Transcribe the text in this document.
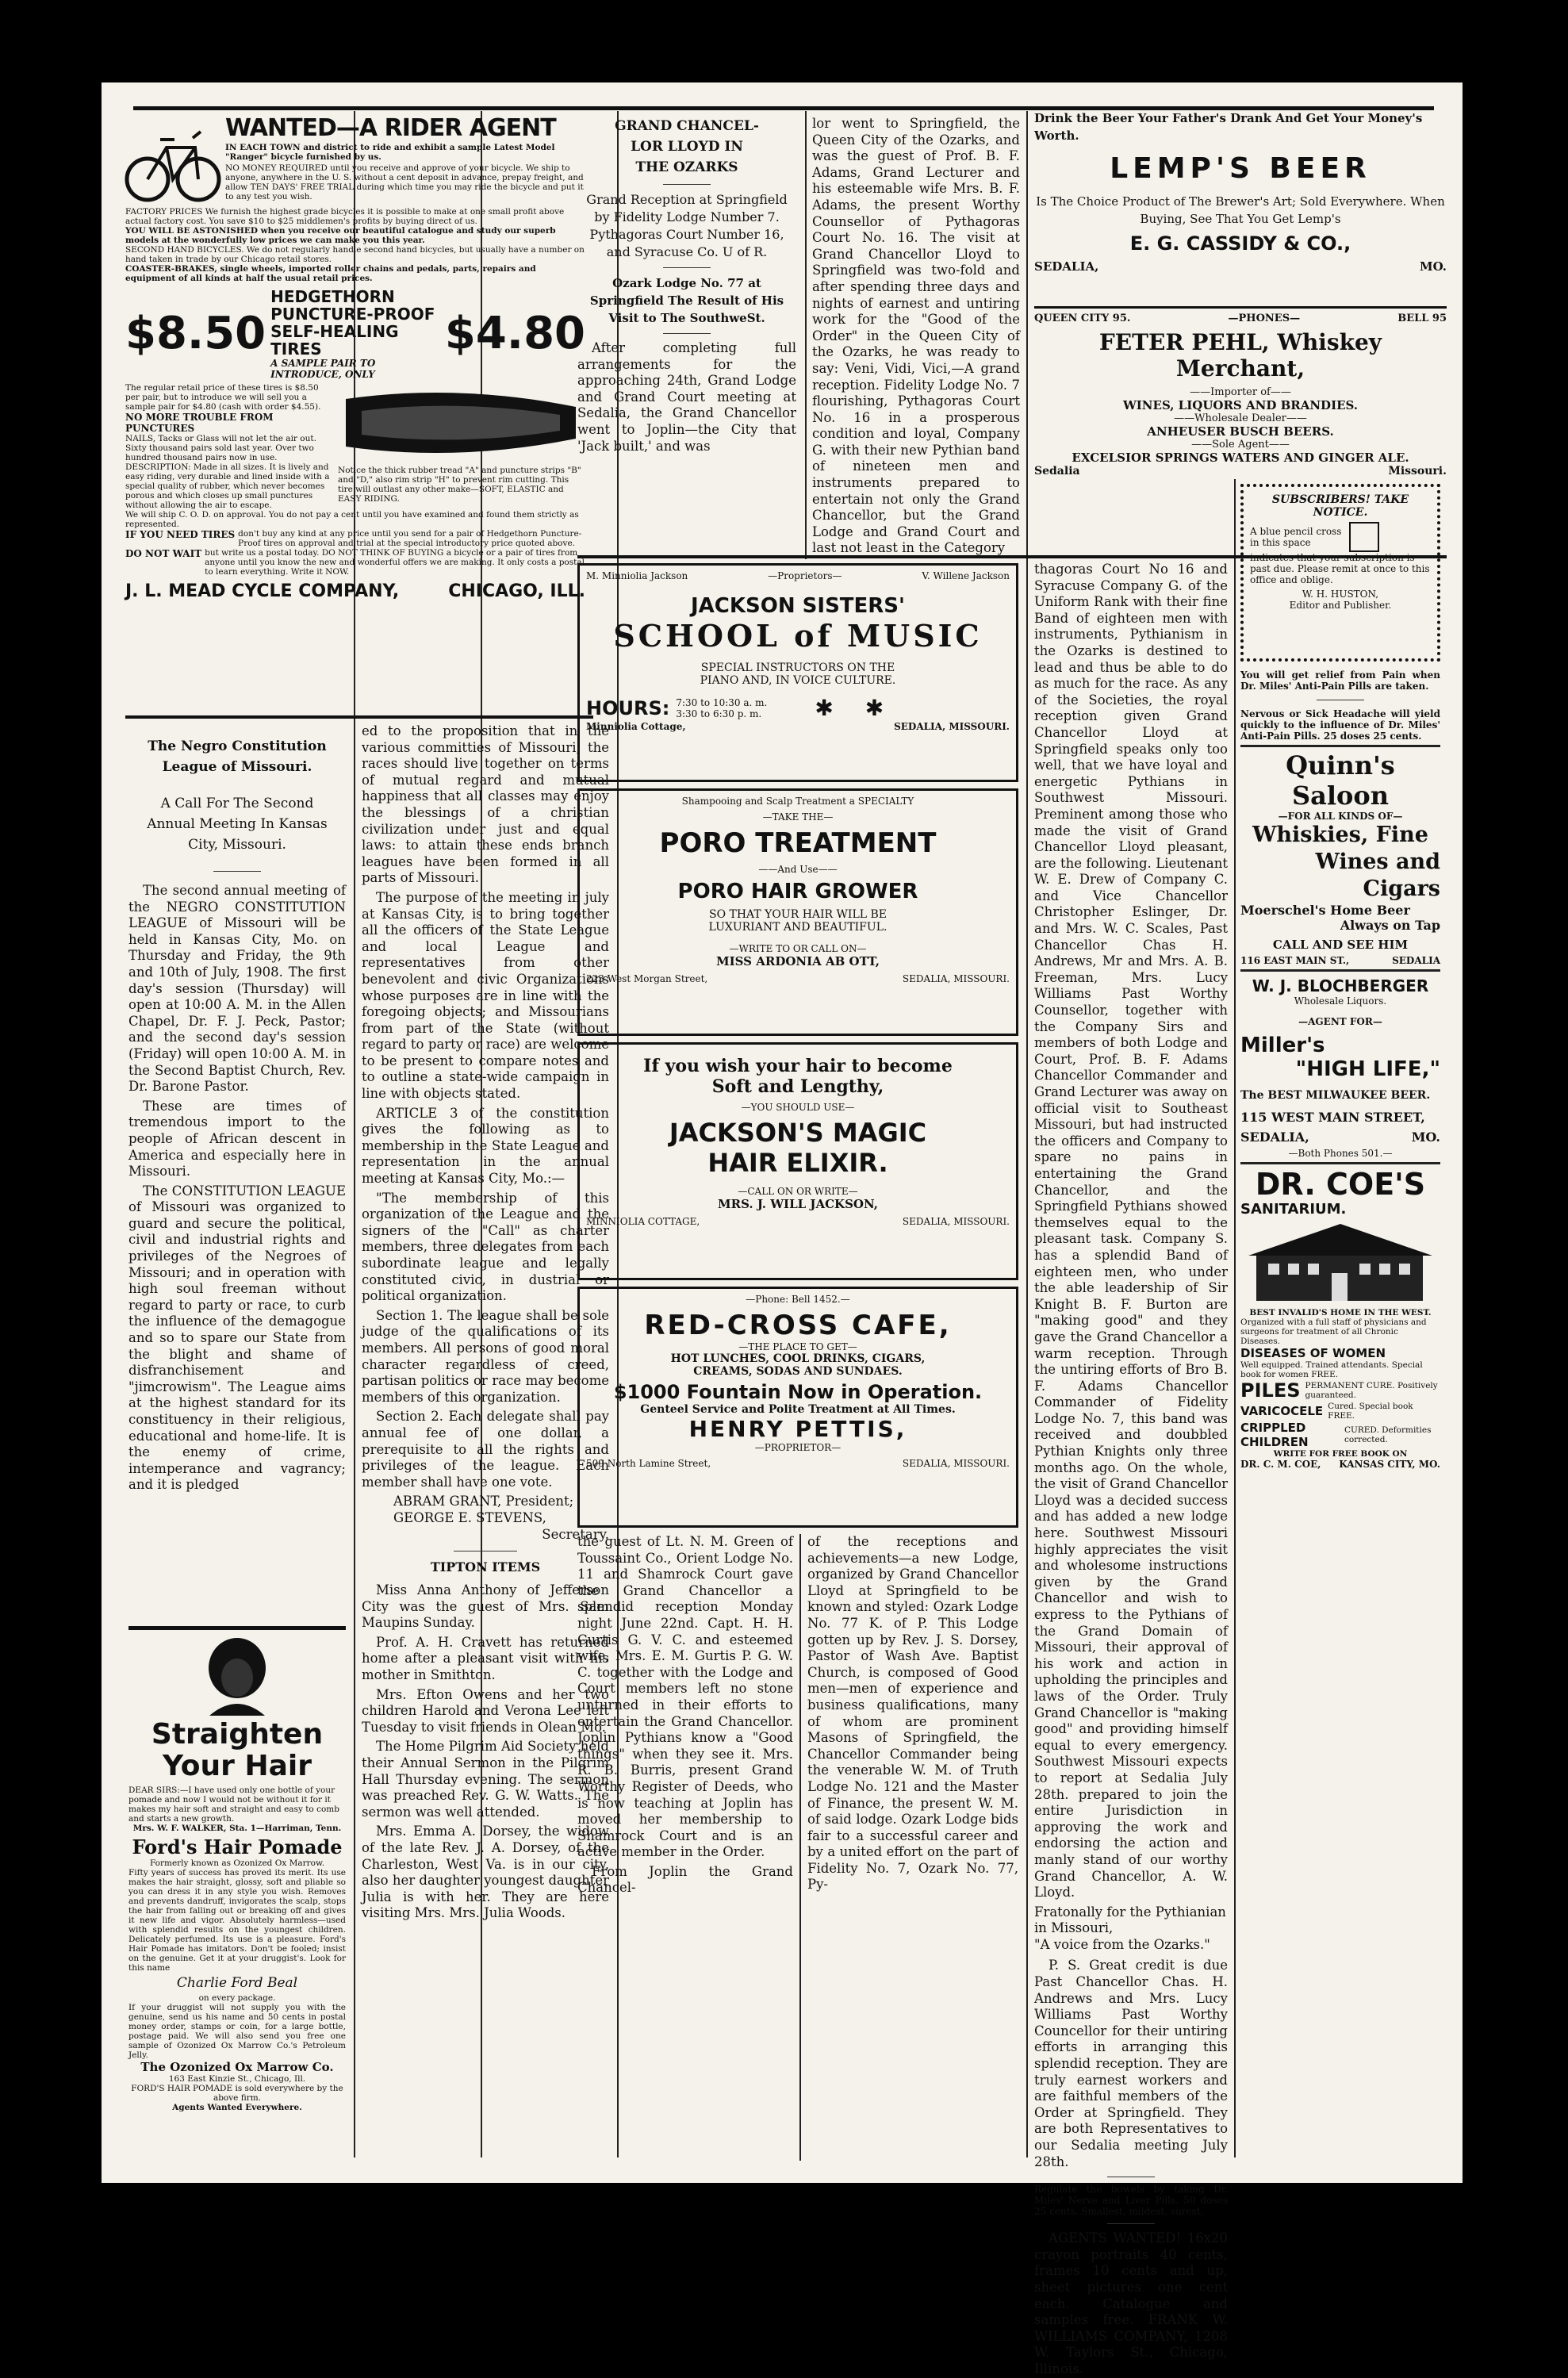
WANTED—A RIDER AGENT
IN EACH TOWN and district to ride and exhibit a sample Latest Model "Ranger" bicycle furnished by us.
NO MONEY REQUIRED until you receive and approve of your bicycle. We ship to anyone, anywhere in the U. S. without a cent deposit in advance, prepay freight, and allow TEN DAYS' FREE TRIAL during which time you may ride the bicycle and put it to any test you wish.
FACTORY PRICES We furnish the highest grade bicycles it is possible to make at one small profit above actual factory cost. You save $10 to $25 middlemen's profits by buying direct of us.
YOU WILL BE ASTONISHED when you receive our beautiful catalogue and study our superb models at the wonderfully low prices we can make you this year.
SECOND HAND BICYCLES. We do not regularly handle second hand bicycles, but usually have a number on hand taken in trade by our Chicago retail stores.
COASTER-BRAKES, single wheels, imported roller chains and pedals, parts, repairs and equipment of all kinds at half the usual retail prices.
$8.50
HEDGETHORN PUNCTURE-PROOF SELF-HEALING TIRES
A SAMPLE PAIR TO INTRODUCE, ONLY
$4.80
The regular retail price of these tires is $8.50 per pair, but to introduce we will sell you a sample pair for $4.80 (cash with order $4.55).
NO MORE TROUBLE FROM PUNCTURES
NAILS, Tacks or Glass will not let the air out. Sixty thousand pairs sold last year. Over two hundred thousand pairs now in use.
DESCRIPTION: Made in all sizes. It is lively and easy riding, very durable and lined inside with a special quality of rubber, which never becomes porous and which closes up small punctures without allowing the air to escape.
Notice the thick rubber tread "A" and puncture strips "B" and "D," also rim strip "H" to prevent rim cutting. This tire will outlast any other make—SOFT, ELASTIC and EASY RIDING.
We will ship C. O. D. on approval. You do not pay a cent until you have examined and found them strictly as represented.
IF YOU NEED TIRES don't buy any kind at any price until you send for a pair of Hedgethorn Puncture-Proof tires on approval and trial at the special introductory price quoted above.
DO NOT WAIT but write us a postal today. DO NOT THINK OF BUYING a bicycle or a pair of tires from anyone until you know the new and wonderful offers we are making. It only costs a postal to learn everything. Write it NOW.
J. L. MEAD CYCLE COMPANY,	CHICAGO, ILL.
The Negro Constitution League of Missouri.
A Call For The Second Annual Meeting In Kansas City, Missouri.

The second annual meeting of the NEGRO CONSTITUTION LEAGUE of Missouri will be held in Kansas City, Mo. on Thursday and Friday, the 9th and 10th of July, 1908. The first day's session (Thursday) will open at 10:00 A. M. in the Allen Chapel, Dr. F. J. Peck, Pastor; and the second day's session (Friday) will open 10:00 A. M. in the Second Baptist Church, Rev. Dr. Barone Pastor.

These are times of tremendous import to the people of African descent in America and especially here in Missouri.

The CONSTITUTION LEAGUE of Missouri was organized to guard and secure the political, civil and industrial rights and privileges of the Negroes of Missouri; and in operation with high soul freeman without regard to party or race, to curb the influence of the demagogue and so to spare our State from the blight and shame of disfranchisement and "jimcrowism". The League aims at the highest standard for its constituency in their religious, educational and home-life. It is the enemy of crime, intemperance and vagrancy; and it is pledged

Straighten Your Hair
DEAR SIRS:—I have used only one bottle of your pomade and now I would not be without it for it makes my hair soft and straight and easy to comb and starts a new growth.
Mrs. W. F. WALKER, Sta. 1—Harriman, Tenn.
Ford's Hair Pomade
Formerly known as Ozonized Ox Marrow.
Fifty years of success has proved its merit. Its use makes the hair straight, glossy, soft and pliable so you can dress it in any style you wish. Removes and prevents dandruff, invigorates the scalp, stops the hair from falling out or breaking off and gives it new life and vigor. Absolutely harmless—used with splendid results on the youngest children. Delicately perfumed. Its use is a pleasure. Ford's Hair Pomade has imitators. Don't be fooled; insist on the genuine. Get it at your druggist's. Look for this name
Charlie Ford Beal
on every package.
If your druggist will not supply you with the genuine, send us his name and 50 cents in postal money order, stamps or coin, for a large bottle, postage paid. We will also send you free one sample of Ozonized Ox Marrow Co.'s Petroleum Jelly.
The Ozonized Ox Marrow Co.
163 East Kinzie St., Chicago, Ill.
FORD'S HAIR POMADE is sold everywhere by the above firm.
Agents Wanted Everywhere.

ed to the proposition that in the various committies of Missouri, the races should live together on terms of mutual regard and mutual happiness that all classes may enjoy the blessings of a christian civilization under just and equal laws: to attain these ends branch leagues have been formed in all parts of Missouri.

The purpose of the meeting in july at Kansas City, is to bring together all the officers of the State League and local League and representatives from other benevolent and civic Organizations whose purposes are in line with the foregoing objects; and Missourians from part of the State (without regard to party or race) are welcome to be present to compare notes and to outline a state-wide campaign in line with objects stated.

ARTICLE 3 of the constitution gives the following as to membership in the State League and representation in the annual meeting at Kansas City, Mo.:—

"The membership of this organization of the League and the signers of the "Call" as charter members, three delegates from each subordinate league and legally constituted civic, in dustrial or political organization.

Section 1. The league shall be sole judge of the qualifications of its members. All persons of good moral character regardless of creed, partisan politics or race may become members of this organization.

Section 2. Each delegate shall pay annual fee of one dollar, a prerequisite to all the rights and privileges of the league. Each member shall have one vote.

ABRAM GRANT, President;
GEORGE E. STEVENS,
Secretary.
TIPTON ITEMS

Miss Anna Anthony of Jefferson City was the guest of Mrs. Sam Maupins Sunday.

Prof. A. H. Cravett has returned home after a pleasant visit with his mother in Smithton.

Mrs. Efton Owens and her two children Harold and Verona Lee left Tuesday to visit friends in Olean Mo.

The Home Pilgrim Aid Society held their Annual Sermon in the Pilgrim Hall Thursday evening. The sermon was preached Rev. G. W. Watts. The sermon was well attended.

Mrs. Emma A. Dorsey, the widow of the late Rev. J. A. Dorsey, of the Charleston, West Va. is in our city, also her daughter youngest daughter Julia is with her. They are here visiting Mrs. Mrs. Julia Woods.

GRAND CHANCEL-
LOR LLOYD IN
THE OZARKS
Grand Reception at Springfield by Fidelity Lodge Number 7. Pythagoras Court Number 16, and Syracuse Co. U of R.
Ozark Lodge No. 77 at Springfield The Result of His Visit to The SouthweSt.

After completing full arrangements for the approaching 24th, Grand Lodge and Grand Court meeting at Sedalia, the Grand Chancellor went to Joplin—the City that 'Jack built,' and was

lor went to Springfield, the Queen City of the Ozarks, and was the guest of Prof. B. F. Adams, Grand Lecturer and his esteemable wife Mrs. B. F. Adams, the present Worthy Counsellor of Pythagoras Court No. 16. The visit at Grand Chancellor Lloyd to Springfield was two-fold and after spending three days and nights of earnest and untiring work for the "Good of the Order" in the Queen City of the Ozarks, he was ready to say: Veni, Vidi, Vici,—A grand reception. Fidelity Lodge No. 7 flourishing, Pythagoras Court No. 16 in a prosperous condition and loyal, Company G. with their new Pythian band of nineteen men and instruments prepared to entertain not only the Grand Chancellor, but the Grand Lodge and Grand Court and last not least in the Category

Drink the Beer Your Father's Drank And Get Your Money's Worth.
LEMP'S BEER
Is The Choice Product of The Brewer's Art; Sold Everywhere. When Buying, See That You Get Lemp's
E. G. CASSIDY & CO.,
SEDALIA,	MO.
QUEEN CITY 95.	—PHONES—	BELL 95
FETER PEHL, Whiskey Merchant,
——Importer of——
WINES, LIQUORS AND BRANDIES.
——Wholesale Dealer——
ANHEUSER BUSCH BEERS.
——Sole Agent——
EXCELSIOR SPRINGS WATERS AND GINGER ALE.
Sedalia	Missouri.
M. Minniolia Jackson	—Proprietors—	V. Willene Jackson
JACKSON SISTERS'
SCHOOL of MUSIC
SPECIAL INSTRUCTORS ON THE
PIANO AND, IN VOICE CULTURE.
HOURS: 7:30 to 10:30 a. m.
3:30 to 6:30 p. m. ✱✱
Minniolia Cottage,	SEDALIA, MISSOURI.
Shampooing and Scalp Treatment a SPECIALTY
—TAKE THE—
PORO TREATMENT
——And Use——
PORO HAIR GROWER
SO THAT YOUR HAIR WILL BE
LUXURIANT AND BEAUTIFUL.
—WRITE TO OR CALL ON—
MISS ARDONIA AB OTT,
223 West Morgan Street,	SEDALIA, MISSOURI.
If you wish your hair to become
Soft and Lengthy,
—YOU SHOULD USE—
JACKSON'S MAGIC
HAIR ELIXIR.
—CALL ON OR WRITE—
MRS. J. WILL JACKSON,
MINNIOLIA COTTAGE,	SEDALIA, MISSOURI.
—Phone: Bell 1452.—
RED-CROSS CAFE,
—THE PLACE TO GET—
HOT LUNCHES, COOL DRINKS, CIGARS,
CREAMS, SODAS AND SUNDAES.
$1000 Fountain Now in Operation.
Genteel Service and Polite Treatment at All Times.
HENRY PETTIS,
—PROPRIETOR—
509 North Lamine Street,	SEDALIA, MISSOURI.

the guest of Lt. N. M. Green of Toussaint Co., Orient Lodge No. 11 and Shamrock Court gave the Grand Chancellor a splendid reception Monday night June 22nd. Capt. H. H. Curtis G. V. C. and esteemed wife, Mrs. E. M. Gurtis P. G. W. C. together with the Lodge and Court members left no stone unturned in their efforts to entertain the Grand Chancellor. Joplin Pythians know a "Good things" when they see it. Mrs. R. B. Burris, present Grand Worthy Register of Deeds, who is now teaching at Joplin has moved her membership to Shamrock Court and is an active member in the Order.

From Joplin the Grand Chancel-

of the receptions and achievements—a new Lodge, organized by Grand Chancellor Lloyd at Springfield to be known and styled: Ozark Lodge No. 77 K. of P. This Lodge gotten up by Rev. J. S. Dorsey, Pastor of Wash Ave. Baptist Church, is composed of Good men—men of experience and business qualifications, many of whom are prominent Masons of Springfield, the Chancellor Commander being the venerable W. M. of Truth Lodge No. 121 and the Master of Finance, the present W. M. of said lodge. Ozark Lodge bids fair to a successful career and by a united effort on the part of Fidelity No. 7, Ozark No. 77, Py-

thagoras Court No 16 and Syracuse Company G. of the Uniform Rank with their fine Band of eighteen men with instruments, Pythianism in the Ozarks is destined to lead and thus be able to do as much for the race. As any of the Societies, the royal reception given Grand Chancellor Lloyd at Springfield speaks only too well, that we have loyal and energetic Pythians in Southwest Missouri. Preminent among those who made the visit of Grand Chancellor Lloyd pleasant, are the following. Lieutenant W. E. Drew of Company C. and Vice Chancellor Christopher Eslinger, Dr. and Mrs. W. C. Scales, Past Chancellor Chas H. Andrews, Mr and Mrs. A. B. Freeman, Mrs. Lucy Williams Past Worthy Counsellor, together with the Company Sirs and members of both Lodge and Court, Prof. B. F. Adams Chancellor Commander and Grand Lecturer was away on official visit to Southeast Missouri, but had instructed the officers and Company to spare no pains in entertaining the Grand Chancellor, and the Springfield Pythians showed themselves equal to the pleasant task. Company S. has a splendid Band of eighteen men, who under the able leadership of Sir Knight B. F. Burton are "making good" and they gave the Grand Chancellor a warm reception. Through the untiring efforts of Bro B. F. Adams Chancellor Commander of Fidelity Lodge No. 7, this band was received and doubbled Pythian Knights only three months ago. On the whole, the visit of Grand Chancellor Lloyd was a decided success and has added a new lodge here. Southwest Missouri highly appreciates the visit and wholesome instructions given by the Grand Chancellor and wish to express to the Pythians of the Grand Domain of Missouri, their approval of his work and action in upholding the principles and laws of the Order. Truly Grand Chancellor is "making good" and providing himself equal to every emergency. Southwest Missouri expects to report at Sedalia July 28th. prepared to join the entire Jurisdiction in approving the work and endorsing the action and manly stand of our worthy Grand Chancellor, A. W. Lloyd.

Fratonally for the Pythianian
in Missouri,
"A voice from the Ozarks."

P. S. Great credit is due Past Chancellor Chas. H. Andrews and Mrs. Lucy Williams Past Worthy Councellor for their untiring efforts in arranging this splendid reception. They are truly earnest workers and are faithful members of the Order at Springfield. They are both Representatives to our Sedalia meeting July 28th.

Regulate the bowels by taking Dr. Miles' Nerve and Liver Pills. 50 doses 25 cents. Smallest, mildest, surest.

AGENTS WANTED! 16x20 crayon portraits 40 cents, frames 10 cents and up, sheet pictures one cent each. Catalogue and samples free. FRANK W. WILLIAMS COMPANY, 1208 W. Taylors St., Chicago, Illinois.

SUBSCRIBERS! TAKE
NOTICE.
A blue pencil cross
in this space
indicates that your subscription is past due. Please remit at once to this office and oblige.
W. H. HUSTON,
Editor and Publisher.

You will get relief from Pain when Dr. Miles' Anti-Pain Pills are taken.

Nervous or Sick Headache will yield quickly to the influence of Dr. Miles' Anti-Pain Pills. 25 doses 25 cents.

Quinn's Saloon
—FOR ALL KINDS OF—
Whiskies, Fine
Wines and Cigars
Moerschel's Home Beer
Always on Tap
CALL AND SEE HIM
116 EAST MAIN ST.,	SEDALIA
W. J. BLOCHBERGER
Wholesale Liquors.
—AGENT FOR—
Miller's
"HIGH LIFE,"
The BEST MILWAUKEE BEER.
115 WEST MAIN STREET,
SEDALIA,	MO.
—Both Phones 501.—
DR. COE'S
SANITARIUM.
BEST INVALID'S HOME IN THE WEST.
Organized with a full staff of physicians and surgeons for treatment of all Chronic Diseases.
DISEASES OF WOMEN
Well equipped. Trained attendants. Special book for women FREE.
PILES PERMANENT CURE. Positively guaranteed.
VARICOCELE Cured. Special book FREE.
CRIPPLED CHILDREN
CURED. Deformities corrected.
WRITE FOR FREE BOOK ON
DR. C. M. COE, KANSAS CITY, MO.
